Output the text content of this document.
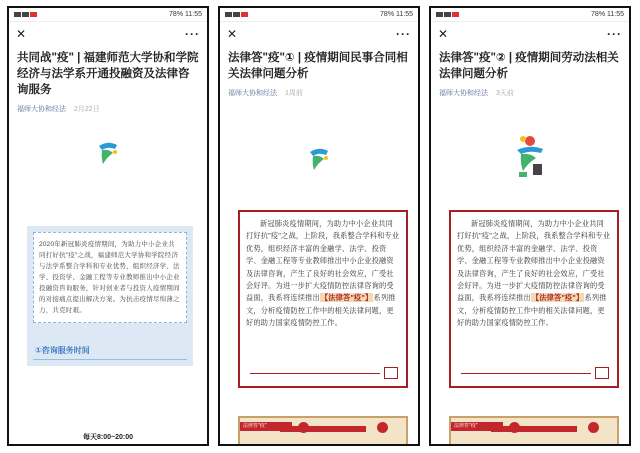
78% 11:55
✕	···
共同战"疫" | 福建师范大学协和学院经济与法学系开通投融资及法律咨询服务
福师大协和经法 2月22日
2020年新冠肺炎疫情期间，为助力中小企业共同打好抗"疫"之战，福建师范大学协和学院经济与法学系整合学科和专业优势，组织经济学、法学、投资学、金融工程等专业教师推出中小企业投融资咨询服务，针对创业者与投资人疫情期间的对接痛点提出解决方案。为抗击疫情尽绵薄之力，共克时艰。
①咨询服务时间
每天8:00~20:00
78% 11:55
✕	···
法律答"疫"① | 疫情期间民事合同相关法律问题分析
福师大协和经法 1周前
新冠肺炎疫情期间，为助力中小企业共同打好抗"疫"之战，上阶段，我系整合学科和专业优势，组织经济丰富的金融学、法学、投资学、金融工程等专业教师推出中小企业投融资及法律咨询，产生了良好的社会效应，广受社会好评。为进一步扩大疫情防控法律咨询的受益面，我系将连续推出【法律答"疫"】系列推文，分析疫情防控工作中的相关法律问题，更好的助力国家疫情防控工作。
法律答"疫"
78% 11:55
✕	···
法律答"疫"② | 疫情期间劳动法相关法律问题分析
福师大协和经法 3天前
新冠肺炎疫情期间，为助力中小企业共同打好抗"疫"之战，上阶段，我系整合学科和专业优势，组织经济丰富的金融学、法学、投资学、金融工程等专业教师推出中小企业投融资及法律咨询，产生了良好的社会效应，广受社会好评。为进一步扩大疫情防控法律咨询的受益面，我系将连续推出【法律答"疫"】系列推文，分析疫情防控工作中的相关法律问题，更好的助力国家疫情防控工作。
法律答"疫"
